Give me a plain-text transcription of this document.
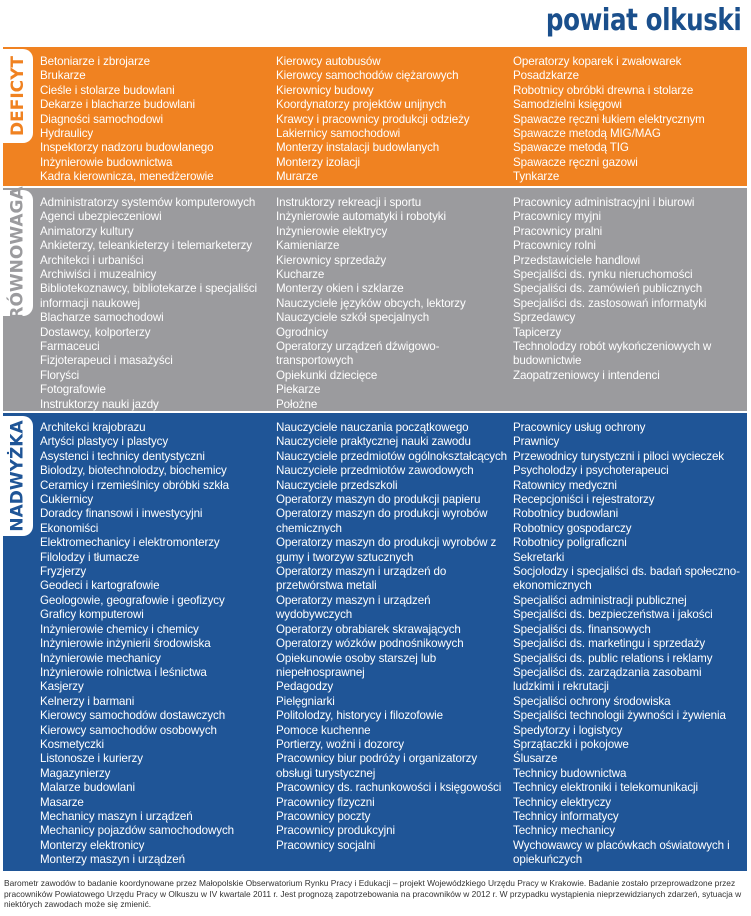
powiat olkuski
DEFICYT Betoniarze i zbrojarze
Brukarze
Cieśle i stolarze budowlani
Dekarze i blacharze budowlani
Diagności samochodowi
Hydraulicy
Inspektorzy nadzoru budowlanego
Inżynierowie budownictwa
Kadra kierownicza, menedżerowie
Kierowcy autobusów
Kierowcy samochodów ciężarowych
Kierownicy budowy
Koordynatorzy projektów unijnych
Krawcy i pracownicy produkcji odzieży
Lakiernicy samochodowi
Monterzy instalacji budowlanych
Monterzy izolacji
Murarze
Operatorzy koparek i zwałowarek
Posadzkarze
Robotnicy obróbki drewna i stolarze
Samodzielni księgowi
Spawacze ręczni łukiem elektrycznym
Spawacze metodą MIG/MAG
Spawacze metodą TIG
Spawacze ręczni gazowi
Tynkarze
RÓWNOWAGA Administratorzy systemów komputerowych
Agenci ubezpieczeniowi
Animatorzy kultury
Ankieterzy, teleankieterzy i telemarketerzy
Architekci i urbaniści
Archiwiści i muzealnicy
Bibliotekoznawcy, bibliotekarze i specjaliści informacji naukowej
Blacharze samochodowi
Dostawcy, kolporterzy
Farmaceuci
Fizjoterapeuci i masażyści
Floryści
Fotografowie
Instruktorzy nauki jazdy
Instruktorzy rekreacji i sportu
Inżynierowie automatyki i robotyki
Inżynierowie elektrycy
Kamieniarze
Kierownicy sprzedaży
Kucharze
Monterzy okien i szklarze
Nauczyciele języków obcych, lektorzy
Nauczyciele szkół specjalnych
Ogrodnicy
Operatorzy urządzeń dźwigowo-transportowych
Opiekunki dziecięce
Piekarze
Położne
Pracownicy administracyjni i biurowi
Pracownicy myjni
Pracownicy pralni
Pracownicy rolni
Przedstawiciele handlowi
Specjaliści ds. rynku nieruchomości
Specjaliści ds. zamówień publicznych
Specjaliści ds. zastosowań informatyki
Sprzedawcy
Tapicerzy
Technolodzy robót wykończeniowych w budownictwie
Zaopatrzeniowcy i intendenci
NADWYŻKA Architekci krajobrazu
Artyści plastycy i plastycy
Asystenci i technicy dentystyczni
Biolodzy, biotechnolodzy, biochemicy
Ceramicy i rzemieślnicy obróbki szkła
Cukiernicy
Doradcy finansowi i inwestycyjni
Ekonomiści
Elektromechanicy i elektromonterzy
Filolodzy i tłumacze
Fryzjerzy
Geodeci i kartografowie
Geologowie, geografowie i geofizycy
Graficy komputerowi
Inżynierowie chemicy i chemicy
Inżynierowie inżynierii środowiska
Inżynierowie mechanicy
Inżynierowie rolnictwa i leśnictwa
Kasjerzy
Kelnerzy i barmani
Kierowcy samochodów dostawczych
Kierowcy samochodów osobowych
Kosmetyczki
Listonosze i kurierzy
Magazynierzy
Malarze budowlani
Masarze
Mechanicy maszyn i urządzeń
Mechanicy pojazdów samochodowych
Monterzy elektronicy
Monterzy maszyn i urządzeń
Nauczyciele nauczania początkowego
Nauczyciele praktycznej nauki zawodu
Nauczyciele przedmiotów ogólnokształcących
Nauczyciele przedmiotów zawodowych
Nauczyciele przedszkoli
Operatorzy maszyn do produkcji papieru
Operatorzy maszyn do produkcji wyrobów chemicznych
Operatorzy maszyn do produkcji wyrobów z gumy i tworzyw sztucznych
Operatorzy maszyn i urządzeń do przetwórstwa metali
Operatorzy maszyn i urządzeń wydobywczych
Operatorzy obrabiarek skrawających
Operatorzy wózków podnośnikowych
Opiekunowie osoby starszej lub niepełnosprawnej
Pedagodzy
Pielęgniarki
Politolodzy, historycy i filozofowie
Pomoce kuchenne
Portierzy, woźni i dozorcy
Pracownicy biur podróży i organizatorzy obsługi turystycznej
Pracownicy ds. rachunkowości i księgowości
Pracownicy fizyczni
Pracownicy poczty
Pracownicy produkcyjni
Pracownicy socjalni
Pracownicy usług ochrony
Prawnicy
Przewodnicy turystyczni i piloci wycieczek
Psycholodzy i psychoterapeuci
Ratownicy medyczni
Recepcjoniści i rejestratorzy
Robotnicy budowlani
Robotnicy gospodarczy
Robotnicy poligraficzni
Sekretarki
Socjolodzy i specjaliści ds. badań społeczno-ekonomicznych
Specjaliści administracji publicznej
Specjaliści ds. bezpieczeństwa i jakości
Specjaliści ds. finansowych
Specjaliści ds. marketingu i sprzedaży
Specjaliści ds. public relations i reklamy
Specjaliści ds. zarządzania zasobami ludzkimi i rekrutacji
Specjaliści ochrony środowiska
Specjaliści technologii żywności i żywienia
Spedytorzy i logistycy
Sprzątaczki i pokojowe
Ślusarze
Technicy budownictwa
Technicy elektroniki i telekomunikacji
Technicy elektryczy
Technicy informatycy
Technicy mechanicy
Wychowawcy w placówkach oświatowych i opiekuńczych
Barometr zawodów to badanie koordynowane przez Małopolskie Obserwatorium Rynku Pracy i Edukacji – projekt Wojewódzkiego Urzędu Pracy w Krakowie. Badanie zostało przeprowadzone przez pracowników Powiatowego Urzędu Pracy w Olkuszu w IV kwartale 2011 r. Jest prognozą zapotrzebowania na pracowników w 2012 r. W przypadku wystąpienia nieprzewidzianych zdarzeń, sytuacja w niektórych zawodach może się zmienić.
